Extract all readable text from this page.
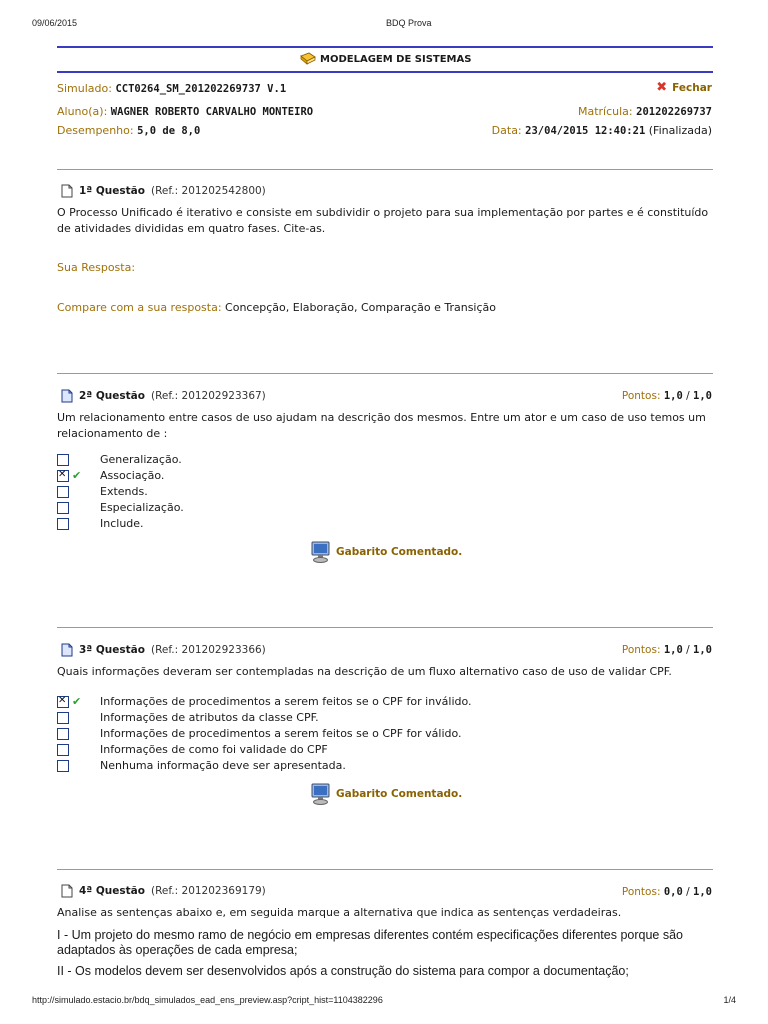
09/06/2015	BDQ Prova
MODELAGEM DE SISTEMAS
Simulado: CCT0264_SM_201202269737 V.1	✖ Fechar
Aluno(a): WAGNER ROBERTO CARVALHO MONTEIRO	Matrícula: 201202269737
Desempenho: 5,0 de 8,0	Data: 23/04/2015 12:40:21 (Finalizada)
1ª Questão (Ref.: 201202542800)
O Processo Unificado é iterativo e consiste em subdividir o projeto para sua implementação por partes e é constituído de atividades divididas em quatro fases. Cite-as.
Sua Resposta:
Compare com a sua resposta: Concepção, Elaboração, Comparação e Transição
2ª Questão (Ref.: 201202923367)	Pontos: 1,0 / 1,0
Um relacionamento entre casos de uso ajudam na descrição dos mesmos. Entre um ator e um caso de uso temos um relacionamento de :
Generalização.
✕
✔ Associação.
Extends.
Especialização.
Include.
Gabarito Comentado.
3ª Questão (Ref.: 201202923366)	Pontos: 1,0 / 1,0
Quais informações deveram ser contempladas na descrição de um fluxo alternativo caso de uso de validar CPF.
✕
✔ Informações de procedimentos a serem feitos se o CPF for inválido.
Informações de atributos da classe CPF.
Informações de procedimentos a serem feitos se o CPF for válido.
Informações de como foi validade do CPF
Nenhuma informação deve ser apresentada.
Gabarito Comentado.
4ª Questão (Ref.: 201202369179)	Pontos: 0,0 / 1,0
Analise as sentenças abaixo e, em seguida marque a alternativa que indica as sentenças verdadeiras.
I - Um projeto do mesmo ramo de negócio em empresas diferentes contém especificações diferentes porque são adaptados às operações de cada empresa;
II - Os modelos devem ser desenvolvidos após a construção do sistema para compor a documentação;
http://simulado.estacio.br/bdq_simulados_ead_ens_preview.asp?cript_hist=1104382296	1/4
